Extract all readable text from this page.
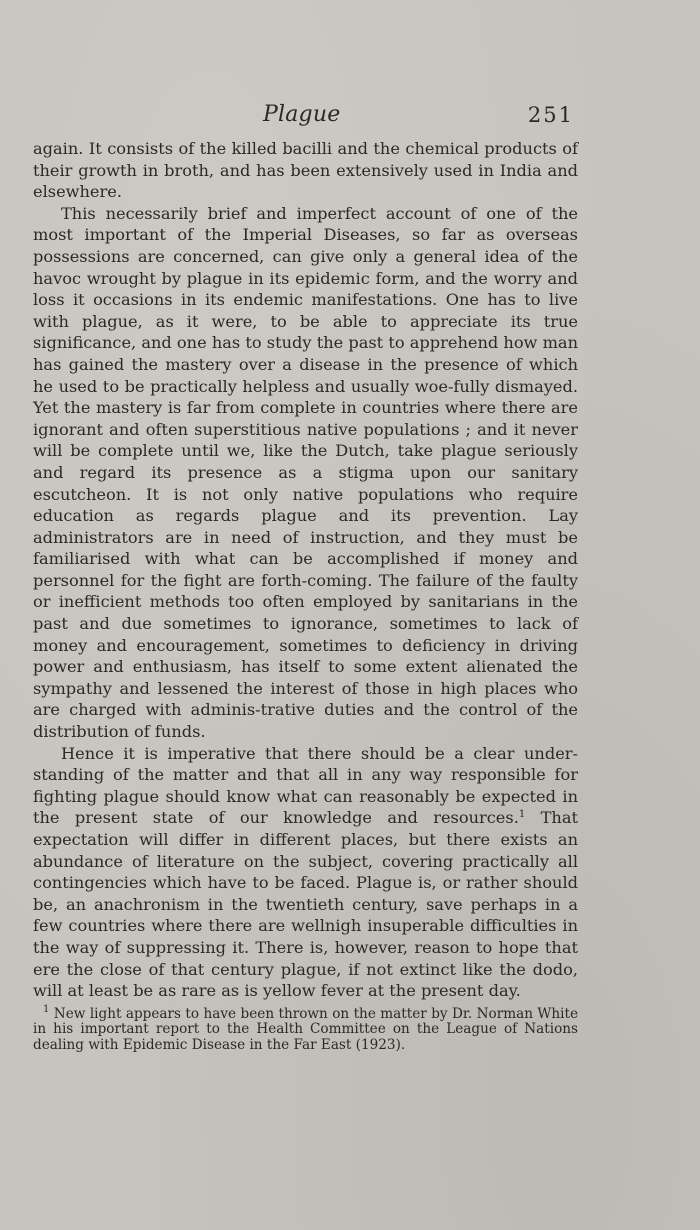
Plague	251

again. It consists of the killed bacilli and the chemical products of their growth in broth, and has been extensively used in India and elsewhere.

This necessarily brief and imperfect account of one of the most important of the Imperial Diseases, so far as overseas possessions are concerned, can give only a general idea of the havoc wrought by plague in its epidemic form, and the worry and loss it occasions in its endemic manifestations. One has to live with plague, as it were, to be able to appreciate its true significance, and one has to study the past to apprehend how man has gained the mastery over a disease in the presence of which he used to be practically helpless and usually woe-fully dismayed. Yet the mastery is far from complete in countries where there are ignorant and often superstitious native populations ; and it never will be complete until we, like the Dutch, take plague seriously and regard its presence as a stigma upon our sanitary escutcheon. It is not only native populations who require education as regards plague and its prevention. Lay administrators are in need of instruction, and they must be familiarised with what can be accomplished if money and personnel for the fight are forth-coming. The failure of the faulty or inefficient methods too often employed by sanitarians in the past and due sometimes to ignorance, sometimes to lack of money and encouragement, sometimes to deficiency in driving power and enthusiasm, has itself to some extent alienated the sympathy and lessened the interest of those in high places who are charged with adminis-trative duties and the control of the distribution of funds.

Hence it is imperative that there should be a clear under-standing of the matter and that all in any way responsible for fighting plague should know what can reasonably be expected in the present state of our knowledge and resources.$^1$ That expectation will differ in different places, but there exists an abundance of literature on the subject, covering practically all contingencies which have to be faced. Plague is, or rather should be, an anachronism in the twentieth century, save perhaps in a few countries where there are wellnigh insuperable difficulties in the way of suppressing it. There is, however, reason to hope that ere the close of that century plague, if not extinct like the dodo, will at least be as rare as is yellow fever at the present day.

$^1$ New light appears to have been thrown on the matter by Dr. Norman White in his important report to the Health Committee on the League of Nations dealing with Epidemic Disease in the Far East (1923).
